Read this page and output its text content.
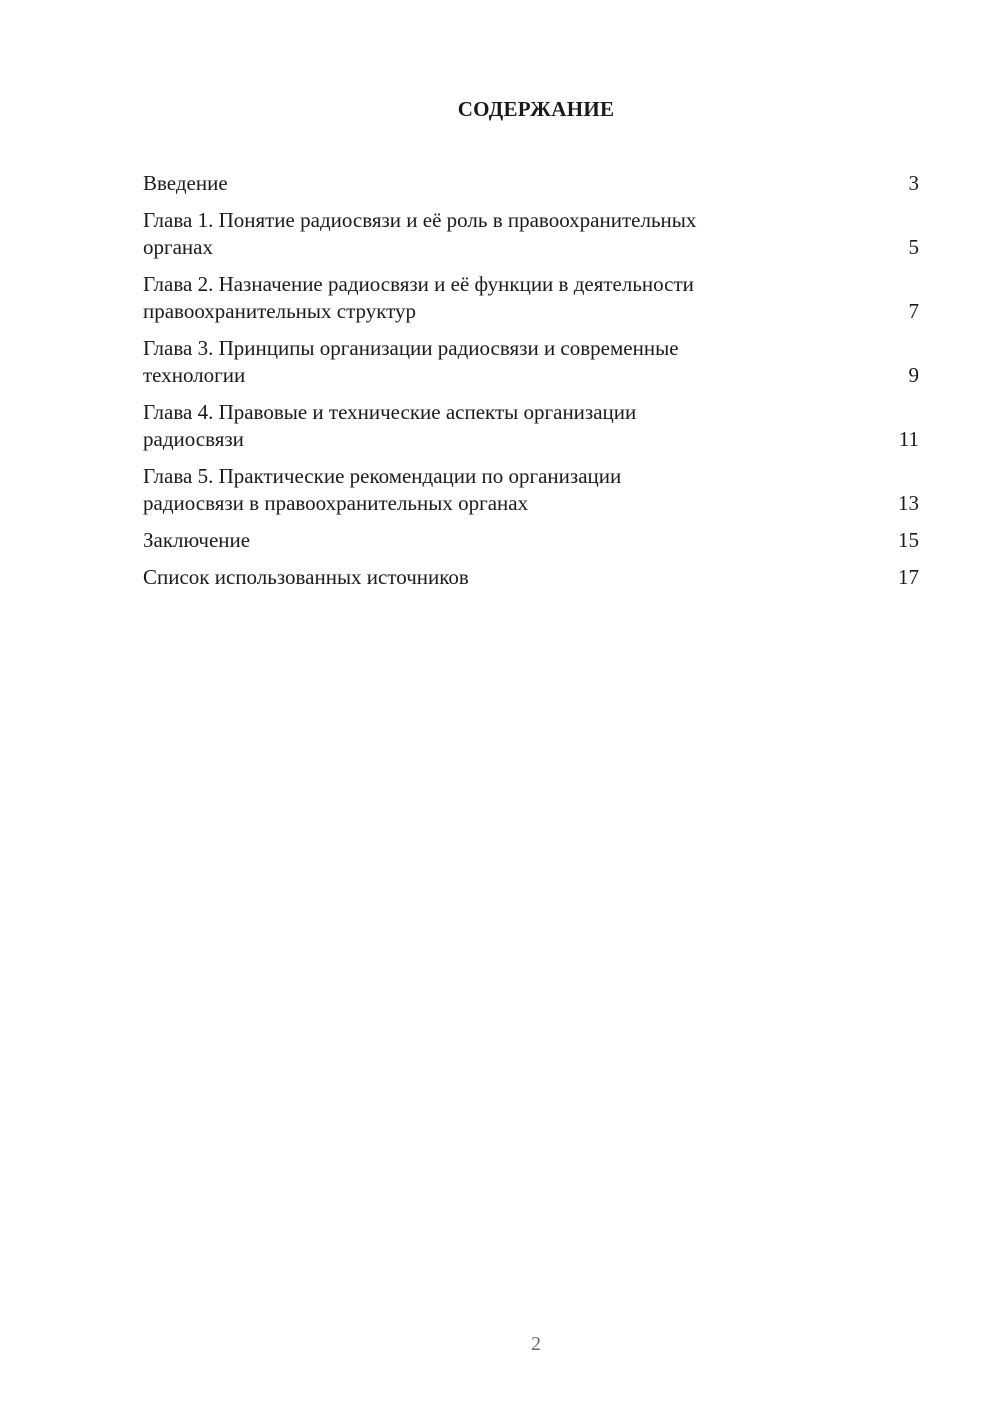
СОДЕРЖАНИЕ
Введение	3
Глава 1. Понятие радиосвязи и её роль в правоохранительных
органах	5
Глава 2. Назначение радиосвязи и её функции в деятельности
правоохранительных структур	7
Глава 3. Принципы организации радиосвязи и современные
технологии	9
Глава 4. Правовые и технические аспекты организации
радиосвязи	11
Глава 5. Практические рекомендации по организации
радиосвязи в правоохранительных органах	13
Заключение	15
Список использованных источников	17
2
